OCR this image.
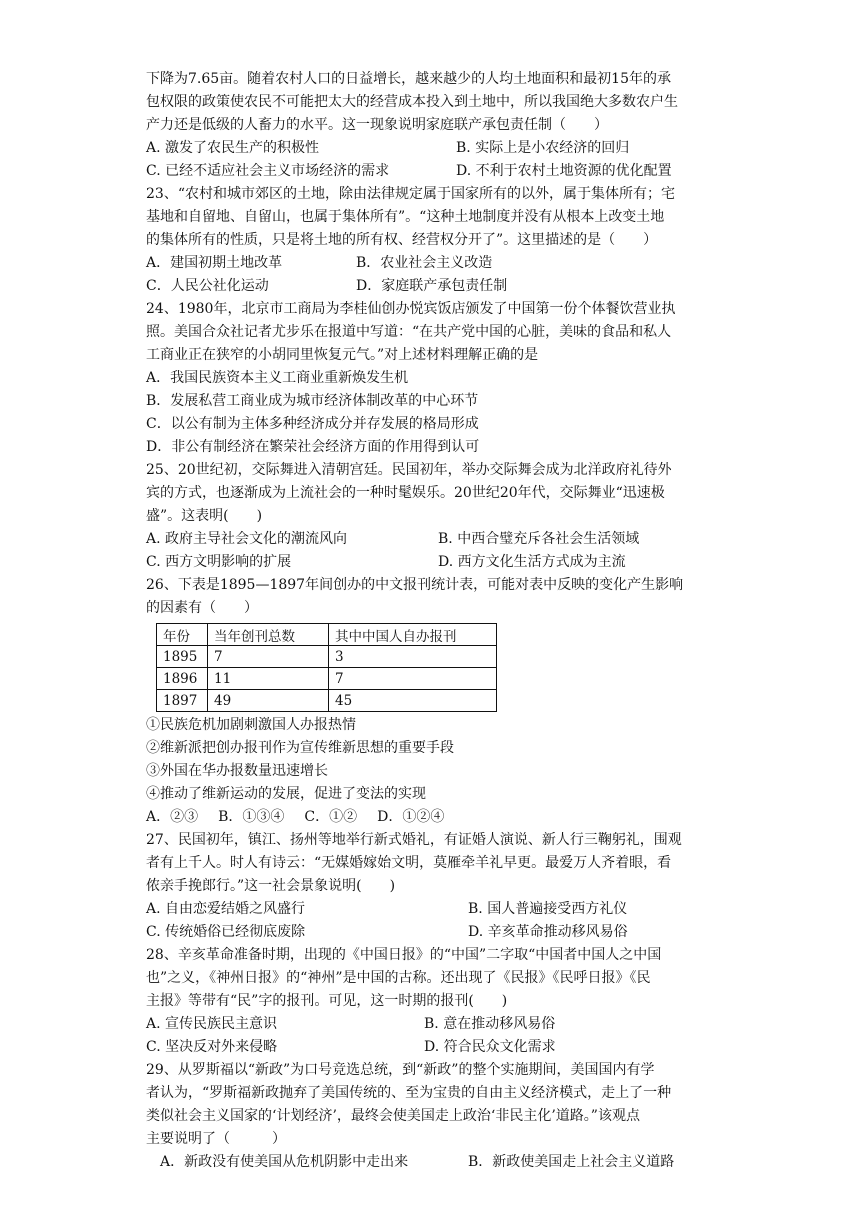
下降为7.65亩。随着农村人口的日益增长，越来越少的人均土地面积和最初15年的承

包权限的政策使农民不可能把太大的经营成本投入到土地中，所以我国绝大多数农户生

产力还是低级的人畜力的水平。这一现象说明家庭联产承包责任制（　　）

A. 激发了农民生产的积极性	B. 实际上是小农经济的回归
C. 已经不适应社会主义市场经济的需求	D. 不利于农村土地资源的优化配置

23、“农村和城市郊区的土地，除由法律规定属于国家所有的以外，属于集体所有；宅

基地和自留地、自留山，也属于集体所有”。“这种土地制度并没有从根本上改变土地

的集体所有的性质，只是将土地的所有权、经营权分开了”。这里描述的是（　　）

A．建国初期土地改革	B．农业社会主义改造
C．人民公社化运动	D．家庭联产承包责任制

24、1980年，北京市工商局为李桂仙创办悦宾饭店颁发了中国第一份个体餐饮营业执

照。美国合众社记者尤步乐在报道中写道：“在共产党中国的心脏，美味的食品和私人

工商业正在狭窄的小胡同里恢复元气。”对上述材料理解正确的是

A．我国民族资本主义工商业重新焕发生机
B．发展私营工商业成为城市经济体制改革的中心环节
C．以公有制为主体多种经济成分并存发展的格局形成
D．非公有制经济在繁荣社会经济方面的作用得到认可

25、20世纪初，交际舞进入清朝宫廷。民国初年，举办交际舞会成为北洋政府礼待外

宾的方式，也逐渐成为上流社会的一种时髦娱乐。20世纪20年代，交际舞业“迅速极

盛”。这表明(　　)

A. 政府主导社会文化的潮流风向	B. 中西合璧充斥各社会生活领域
C. 西方文明影响的扩展	D. 西方文化生活方式成为主流

26、下表是1895—1897年间创办的中文报刊统计表，可能对表中反映的变化产生影响

的因素有（　　）

年份	当年创刊总数	其中中国人自办报刊
1895	7	3
1896	11	7
1897	49	45

①民族危机加剧刺激国人办报热情

②维新派把创办报刊作为宣传维新思想的重要手段

③外国在华办报数量迅速增长

④推动了维新运动的发展，促进了变法的实现

A．②③ B．①③④ C．①② D．①②④

27、民国初年，镇江、扬州等地举行新式婚礼，有证婚人演说、新人行三鞠躬礼，围观

者有上千人。时人有诗云：“无媒婚嫁始文明，莫雁牵羊礼早更。最爱万人齐着眼，看

侬亲手挽郎行。”这一社会景象说明(　　)

A. 自由恋爱结婚之风盛行	B. 国人普遍接受西方礼仪
C. 传统婚俗已经彻底废除	D. 辛亥革命推动移风易俗

28、辛亥革命准备时期，出现的《中国日报》的“中国”二字取“中国者中国人之中国

也”之义，《神州日报》的“神州”是中国的古称。还出现了《民报》《民呼日报》《民

主报》等带有“民”字的报刊。可见，这一时期的报刊(　　)

A. 宣传民族民主意识	B. 意在推动移风易俗
C. 坚决反对外来侵略	D. 符合民众文化需求

29、从罗斯福以“新政”为口号竞选总统，到“新政”的整个实施期间，美国国内有学

者认为，“罗斯福新政抛弃了美国传统的、至为宝贵的自由主义经济模式，走上了一种

类似社会主义国家的‘计划经济’，最终会使美国走上政治‘非民主化’道路。”该观点

主要说明了（　　　）

A．新政没有使美国从危机阴影中走出来	B．新政使美国走上社会主义道路
